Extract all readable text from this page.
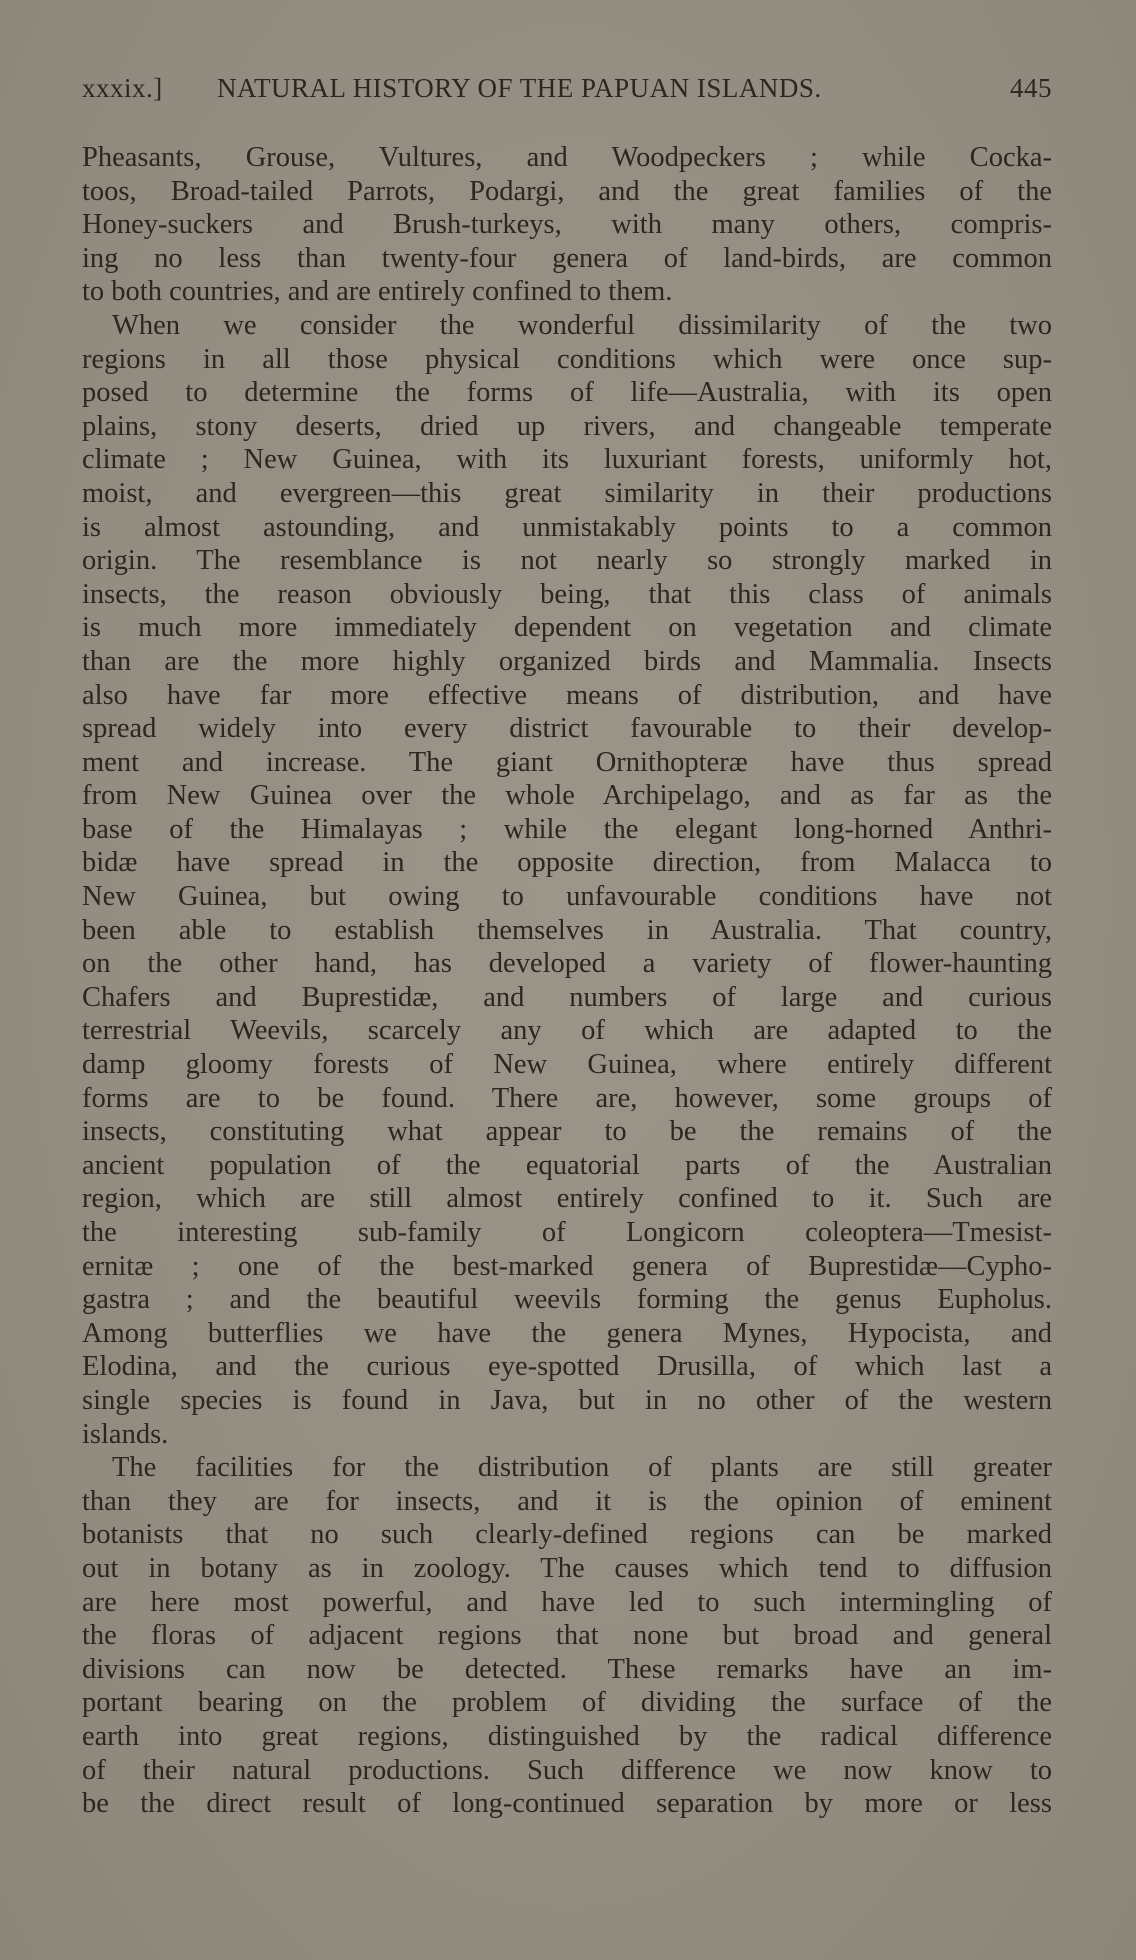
xxxix.] NATURAL HISTORY OF THE PAPUAN ISLANDS.	445
Pheasants, Grouse, Vultures, and Woodpeckers ; while Cocka-
toos, Broad-tailed Parrots, Podargi, and the great families of the
Honey-suckers and Brush-turkeys, with many others, compris-
ing no less than twenty-four genera of land-birds, are common
to both countries, and are entirely confined to them.
When we consider the wonderful dissimilarity of the two
regions in all those physical conditions which were once sup-
posed to determine the forms of life—Australia, with its open
plains, stony deserts, dried up rivers, and changeable temperate
climate ; New Guinea, with its luxuriant forests, uniformly hot,
moist, and evergreen—this great similarity in their productions
is almost astounding, and unmistakably points to a common
origin. The resemblance is not nearly so strongly marked in
insects, the reason obviously being, that this class of animals
is much more immediately dependent on vegetation and climate
than are the more highly organized birds and Mammalia. Insects
also have far more effective means of distribution, and have
spread widely into every district favourable to their develop-
ment and increase. The giant Ornithopteræ have thus spread
from New Guinea over the whole Archipelago, and as far as the
base of the Himalayas ; while the elegant long-horned Anthri-
bidæ have spread in the opposite direction, from Malacca to
New Guinea, but owing to unfavourable conditions have not
been able to establish themselves in Australia. That country,
on the other hand, has developed a variety of flower-haunting
Chafers and Buprestidæ, and numbers of large and curious
terrestrial Weevils, scarcely any of which are adapted to the
damp gloomy forests of New Guinea, where entirely different
forms are to be found. There are, however, some groups of
insects, constituting what appear to be the remains of the
ancient population of the equatorial parts of the Australian
region, which are still almost entirely confined to it. Such are
the interesting sub-family of Longicorn coleoptera—Tmesist-
ernitæ ; one of the best-marked genera of Buprestidæ—Cypho-
gastra ; and the beautiful weevils forming the genus Eupholus.
Among butterflies we have the genera Mynes, Hypocista, and
Elodina, and the curious eye-spotted Drusilla, of which last a
single species is found in Java, but in no other of the western
islands.
The facilities for the distribution of plants are still greater
than they are for insects, and it is the opinion of eminent
botanists that no such clearly-defined regions can be marked
out in botany as in zoology. The causes which tend to diffusion
are here most powerful, and have led to such intermingling of
the floras of adjacent regions that none but broad and general
divisions can now be detected. These remarks have an im-
portant bearing on the problem of dividing the surface of the
earth into great regions, distinguished by the radical difference
of their natural productions. Such difference we now know to
be the direct result of long-continued separation by more or less
